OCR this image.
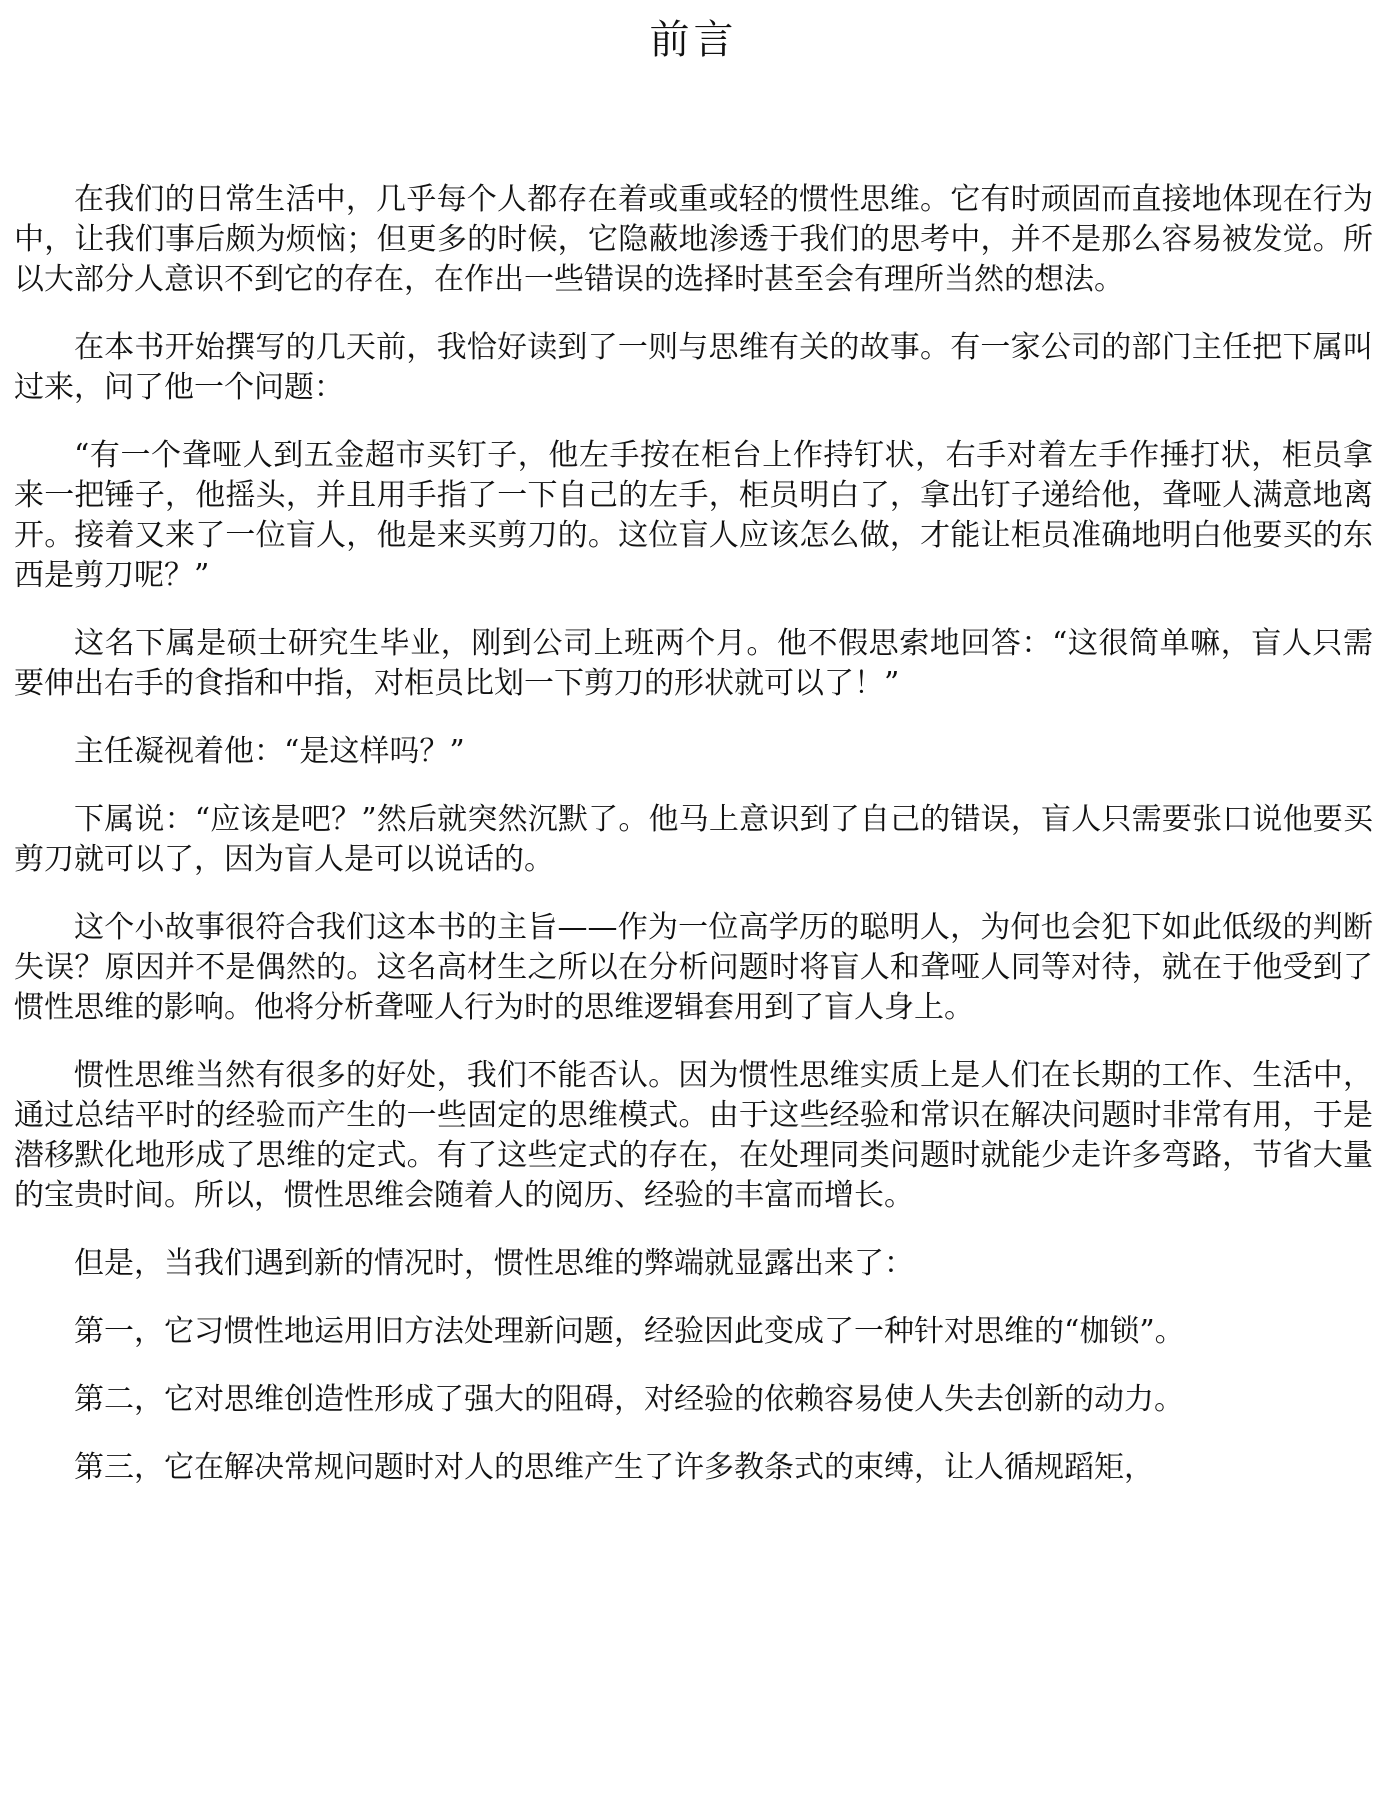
前言

在我们的日常生活中，几乎每个人都存在着或重或轻的惯性思维。它有时顽固而直接地体现在行为中，让我们事后颇为烦恼；但更多的时候，它隐蔽地渗透于我们的思考中，并不是那么容易被发觉。所以大部分人意识不到它的存在，在作出一些错误的选择时甚至会有理所当然的想法。

在本书开始撰写的几天前，我恰好读到了一则与思维有关的故事。有一家公司的部门主任把下属叫过来，问了他一个问题：

“有一个聋哑人到五金超市买钉子，他左手按在柜台上作持钉状，右手对着左手作捶打状，柜员拿来一把锤子，他摇头，并且用手指了一下自己的左手，柜员明白了，拿出钉子递给他，聋哑人满意地离开。接着又来了一位盲人，他是来买剪刀的。这位盲人应该怎么做，才能让柜员准确地明白他要买的东西是剪刀呢？”

这名下属是硕士研究生毕业，刚到公司上班两个月。他不假思索地回答：“这很简单嘛，盲人只需要伸出右手的食指和中指，对柜员比划一下剪刀的形状就可以了！”

主任凝视着他：“是这样吗？”

下属说：“应该是吧？”然后就突然沉默了。他马上意识到了自己的错误，盲人只需要张口说他要买剪刀就可以了，因为盲人是可以说话的。

这个小故事很符合我们这本书的主旨——作为一位高学历的聪明人，为何也会犯下如此低级的判断失误？原因并不是偶然的。这名高材生之所以在分析问题时将盲人和聋哑人同等对待，就在于他受到了惯性思维的影响。他将分析聋哑人行为时的思维逻辑套用到了盲人身上。

惯性思维当然有很多的好处，我们不能否认。因为惯性思维实质上是人们在长期的工作、生活中，通过总结平时的经验而产生的一些固定的思维模式。由于这些经验和常识在解决问题时非常有用，于是潜移默化地形成了思维的定式。有了这些定式的存在，在处理同类问题时就能少走许多弯路，节省大量的宝贵时间。所以，惯性思维会随着人的阅历、经验的丰富而增长。

但是，当我们遇到新的情况时，惯性思维的弊端就显露出来了：

第一，它习惯性地运用旧方法处理新问题，经验因此变成了一种针对思维的“枷锁”。

第二，它对思维创造性形成了强大的阻碍，对经验的依赖容易使人失去创新的动力。

第三，它在解决常规问题时对人的思维产生了许多教条式的束缚，让人循规蹈矩，
